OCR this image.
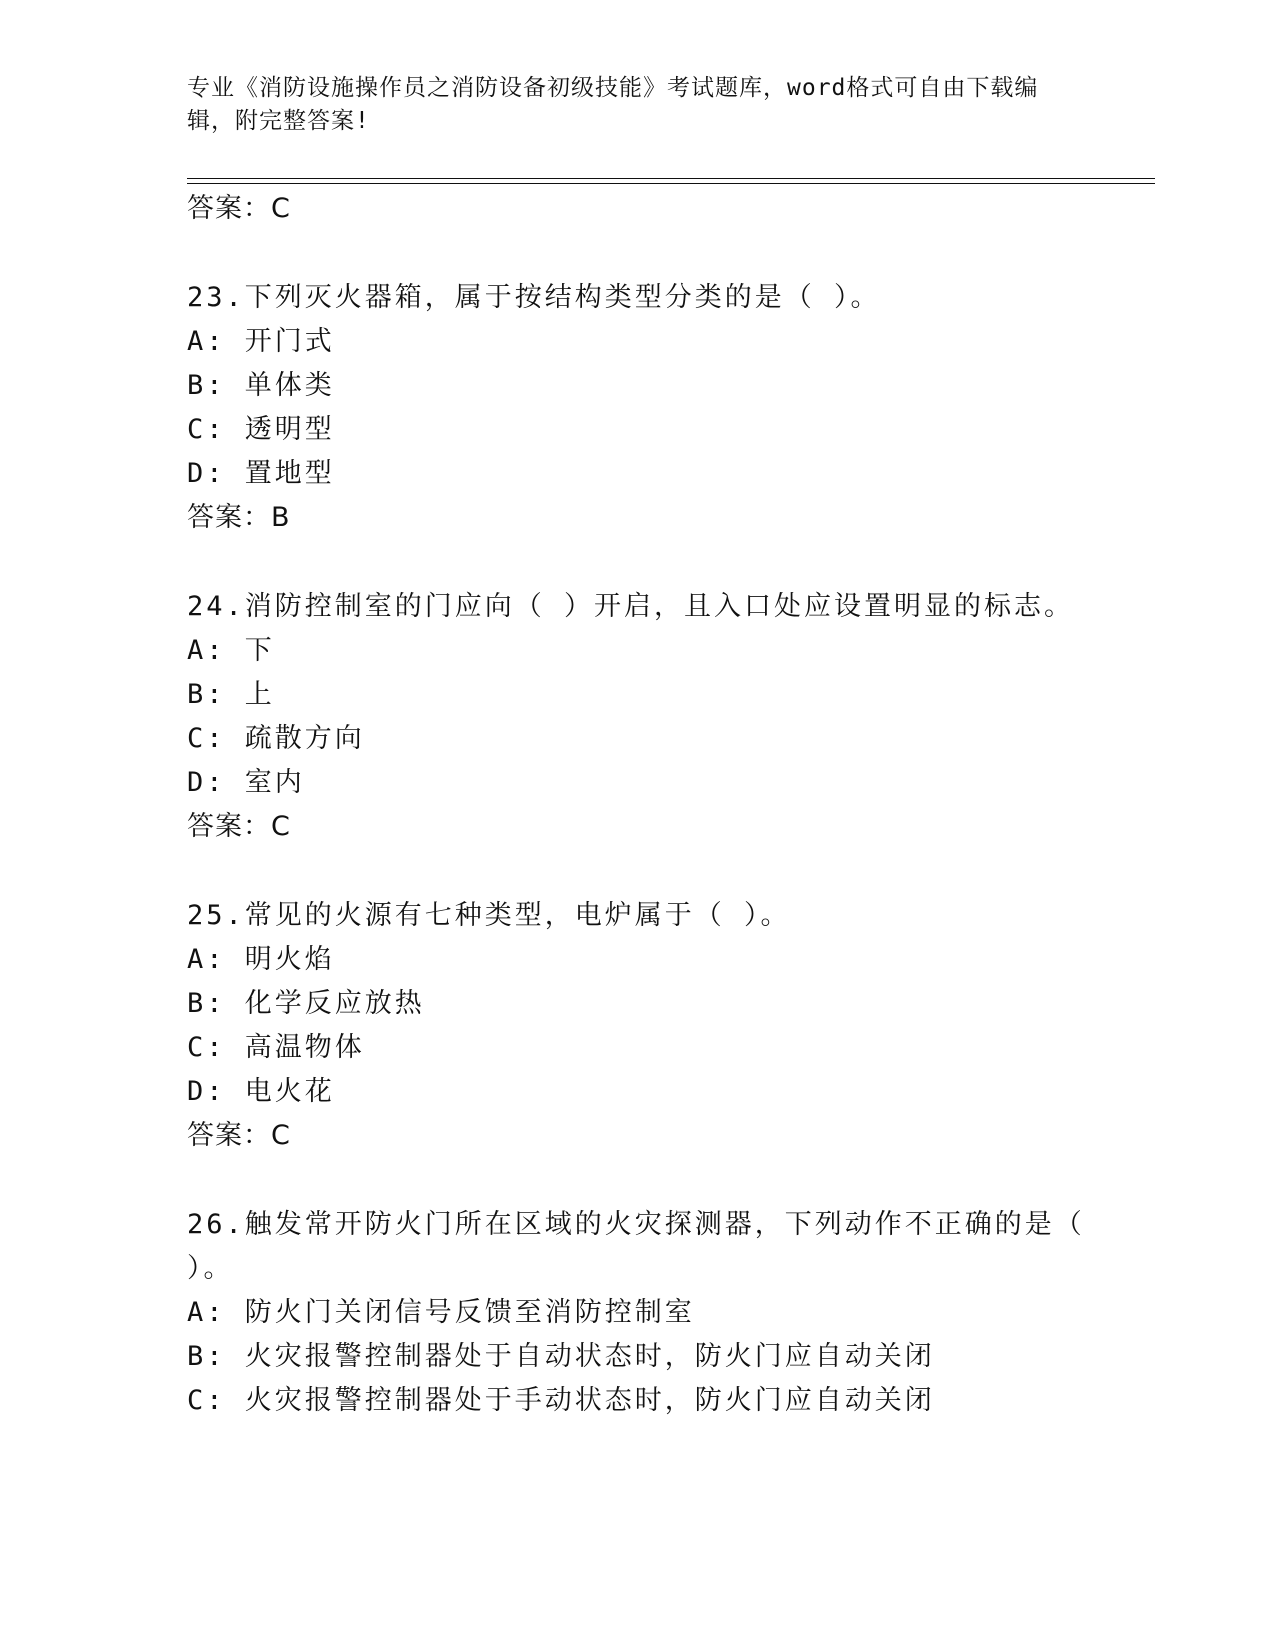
专业《消防设施操作员之消防设备初级技能》考试题库，word格式可自由下载编
辑，附完整答案!
答案：C
23.下列灭火器箱，属于按结构类型分类的是（ ）。
A: 开门式
B: 单体类
C: 透明型
D: 置地型
答案：B
24.消防控制室的门应向（ ）开启，且入口处应设置明显的标志。
A: 下
B: 上
C: 疏散方向
D: 室内
答案：C
25.常见的火源有七种类型，电炉属于（ ）。
A: 明火焰
B: 化学反应放热
C: 高温物体
D: 电火花
答案：C
26.触发常开防火门所在区域的火灾探测器，下列动作不正确的是（
）。
A: 防火门关闭信号反馈至消防控制室
B: 火灾报警控制器处于自动状态时，防火门应自动关闭
C: 火灾报警控制器处于手动状态时，防火门应自动关闭
